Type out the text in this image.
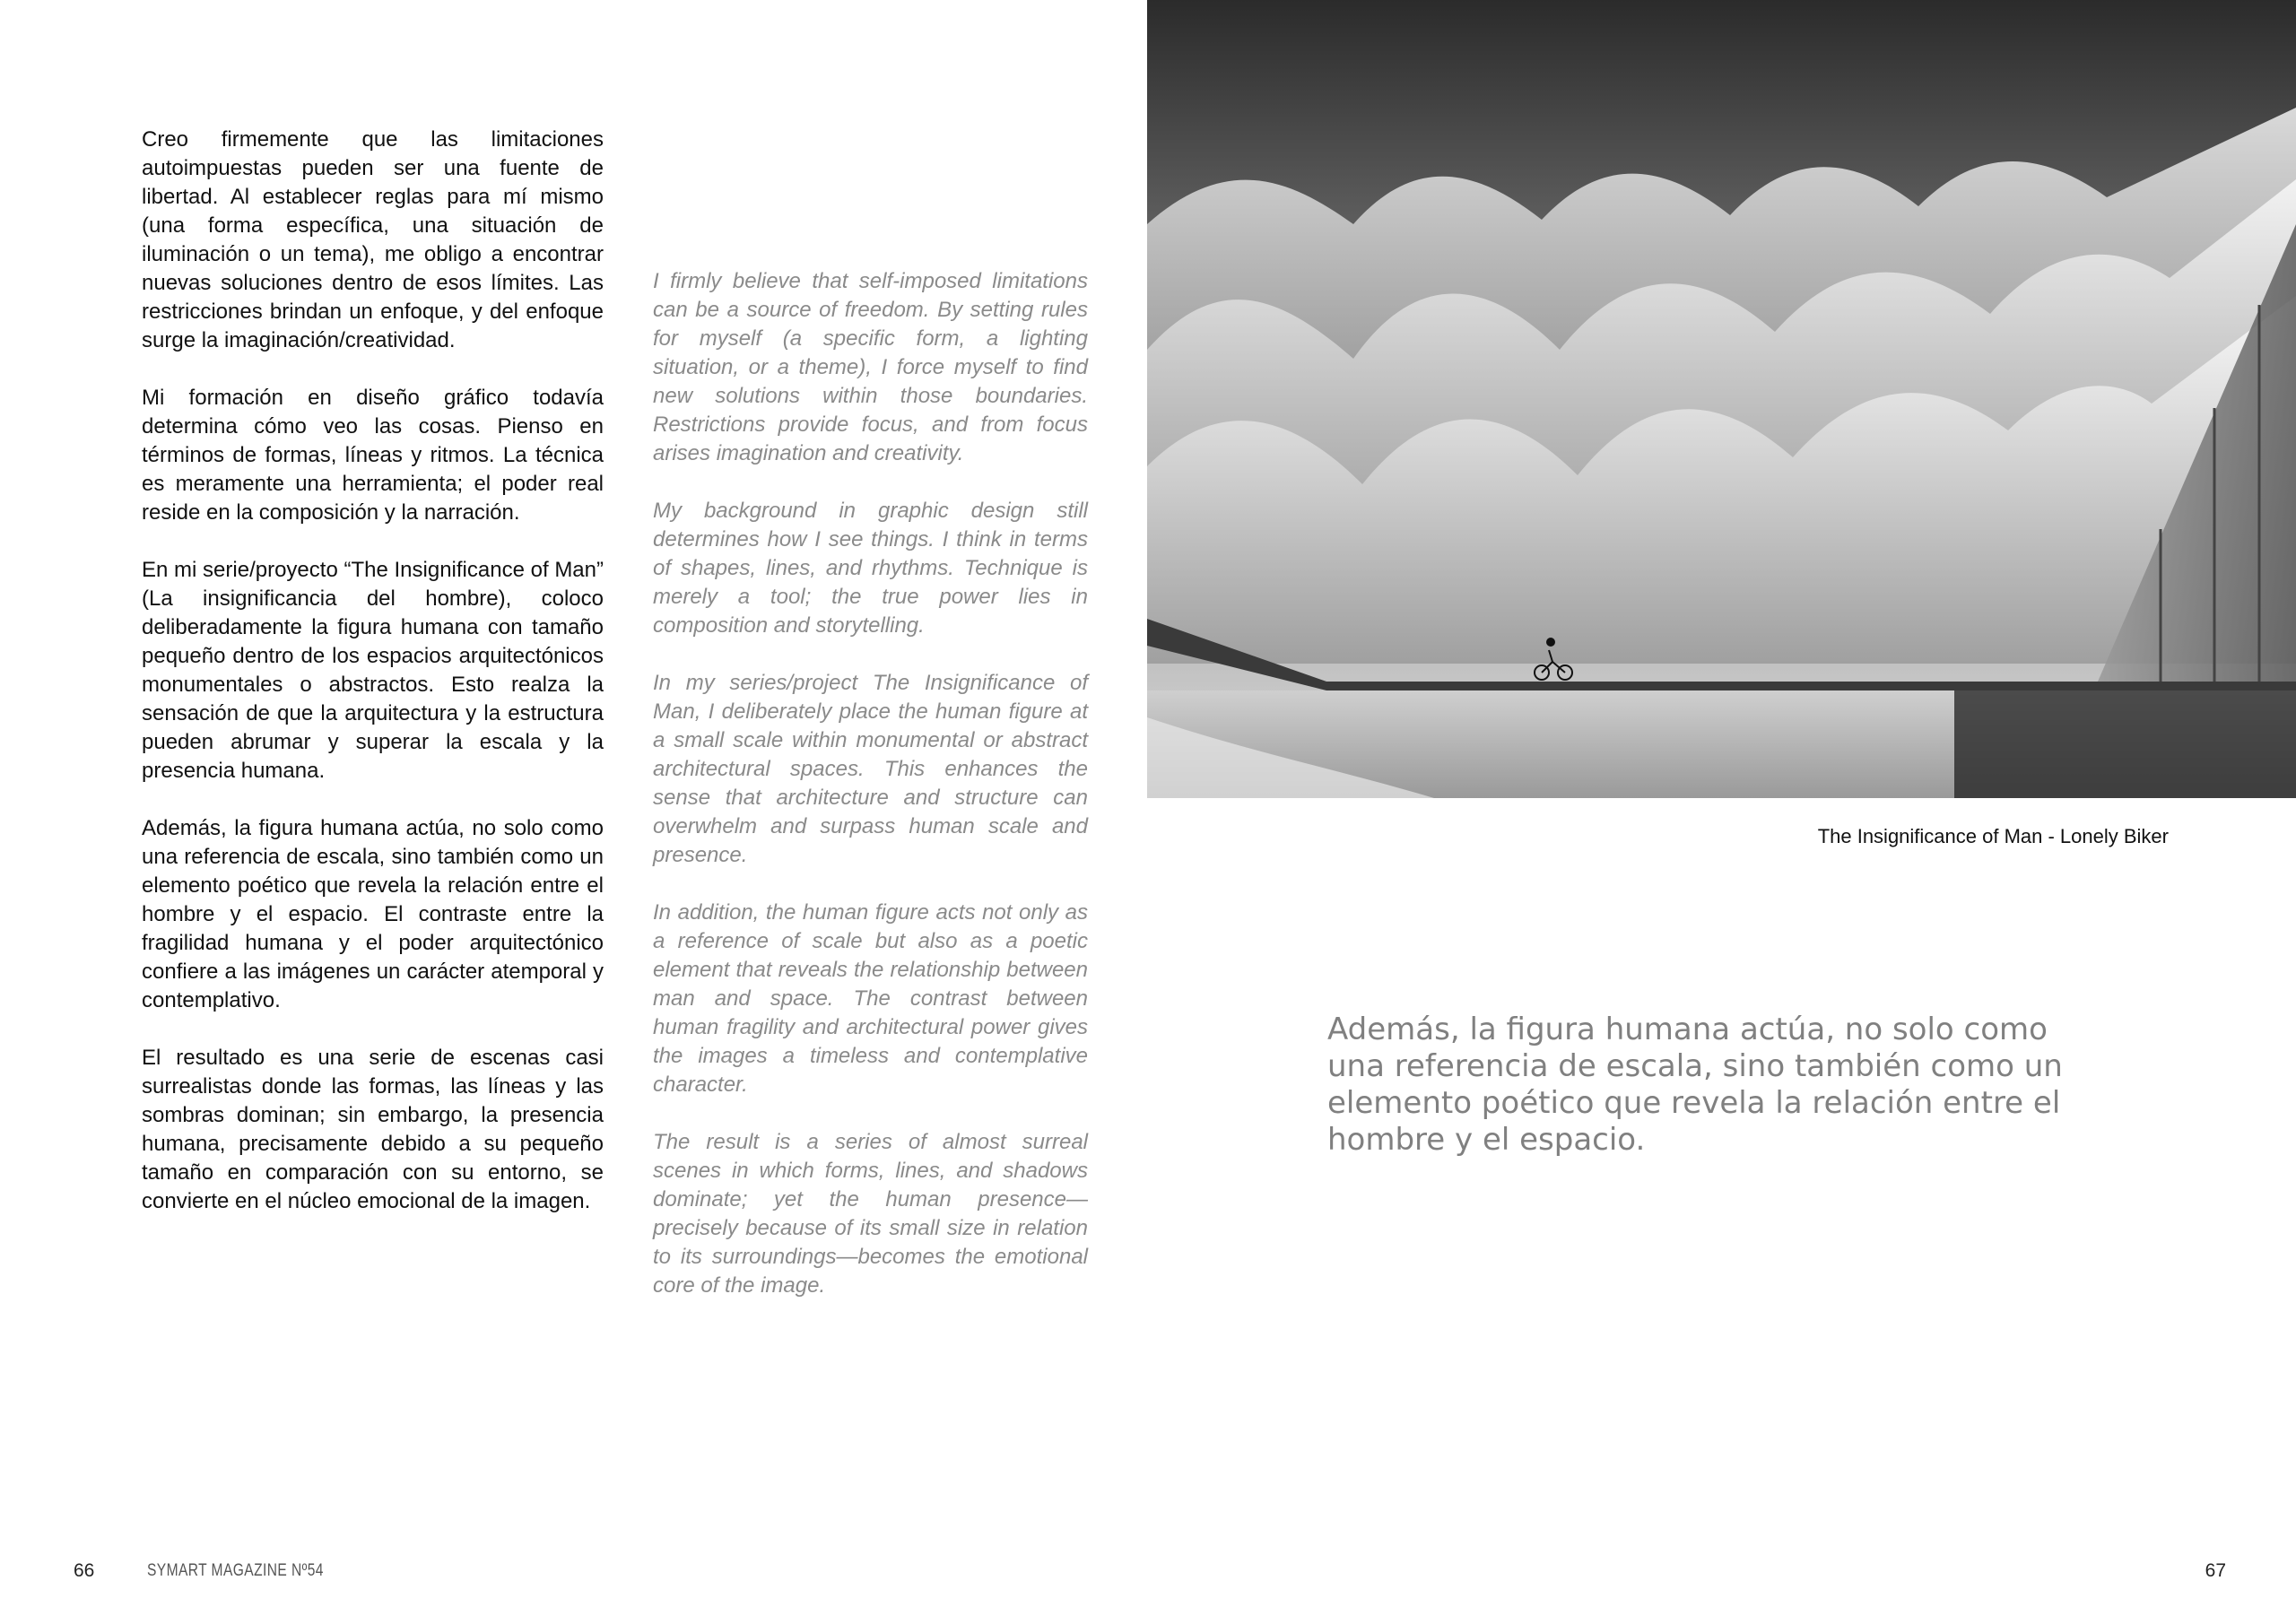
Creo firmemente que las limitaciones autoimpuestas pueden ser una fuente de libertad. Al establecer reglas para mí mismo (una forma específica, una situación de iluminación o un tema), me obligo a encontrar nuevas soluciones dentro de esos límites. Las restricciones brindan un enfoque, y del enfoque surge la imaginación/creatividad.

Mi formación en diseño gráfico todavía determina cómo veo las cosas. Pienso en términos de formas, líneas y ritmos. La técnica es meramente una herramienta; el poder real reside en la composición y la narración.

En mi serie/proyecto “The Insignificance of Man” (La insignificancia del hombre), coloco deliberadamente la figura humana con tamaño pequeño dentro de los espacios arquitectónicos monumentales o abstractos. Esto realza la sensación de que la arquitectura y la estructura pueden abrumar y superar la escala y la presencia humana.

Además, la figura humana actúa, no solo como una referencia de escala, sino también como un elemento poético que revela la relación entre el hombre y el espacio. El contraste entre la fragilidad humana y el poder arquitectónico confiere a las imágenes un carácter atemporal y contemplativo.

El resultado es una serie de escenas casi surrealistas donde las formas, las líneas y las sombras dominan; sin embargo, la presencia humana, precisamente debido a su pequeño tamaño en comparación con su entorno, se convierte en el núcleo emocional de la imagen.

I firmly believe that self-imposed limitations can be a source of freedom. By setting rules for myself (a specific form, a lighting situation, or a theme), I force myself to find new solutions within those boundaries. Restrictions provide focus, and from focus arises imagination and creativity.

My background in graphic design still determines how I see things. I think in terms of shapes, lines, and rhythms. Technique is merely a tool; the true power lies in composition and storytelling.

In my series/project The Insignificance of Man, I deliberately place the human figure at a small scale within monumental or abstract architectural spaces. This enhances the sense that architecture and structure can overwhelm and surpass human scale and presence.

In addition, the human figure acts not only as a reference of scale but also as a poetic element that reveals the relationship between man and space. The contrast between human fragility and architectural power gives the images a timeless and contemplative character.

The result is a series of almost surreal scenes in which forms, lines, and shadows dominate; yet the human presence—precisely because of its small size in relation to its surroundings—becomes the emotional core of the image.

The Insignificance of Man - Lonely Biker
Además, la figura humana actúa, no solo como una referencia de escala, sino también como un elemento poético que revela la relación entre el hombre y el espacio.
66	SYMART MAGAZINE Nº54	67
